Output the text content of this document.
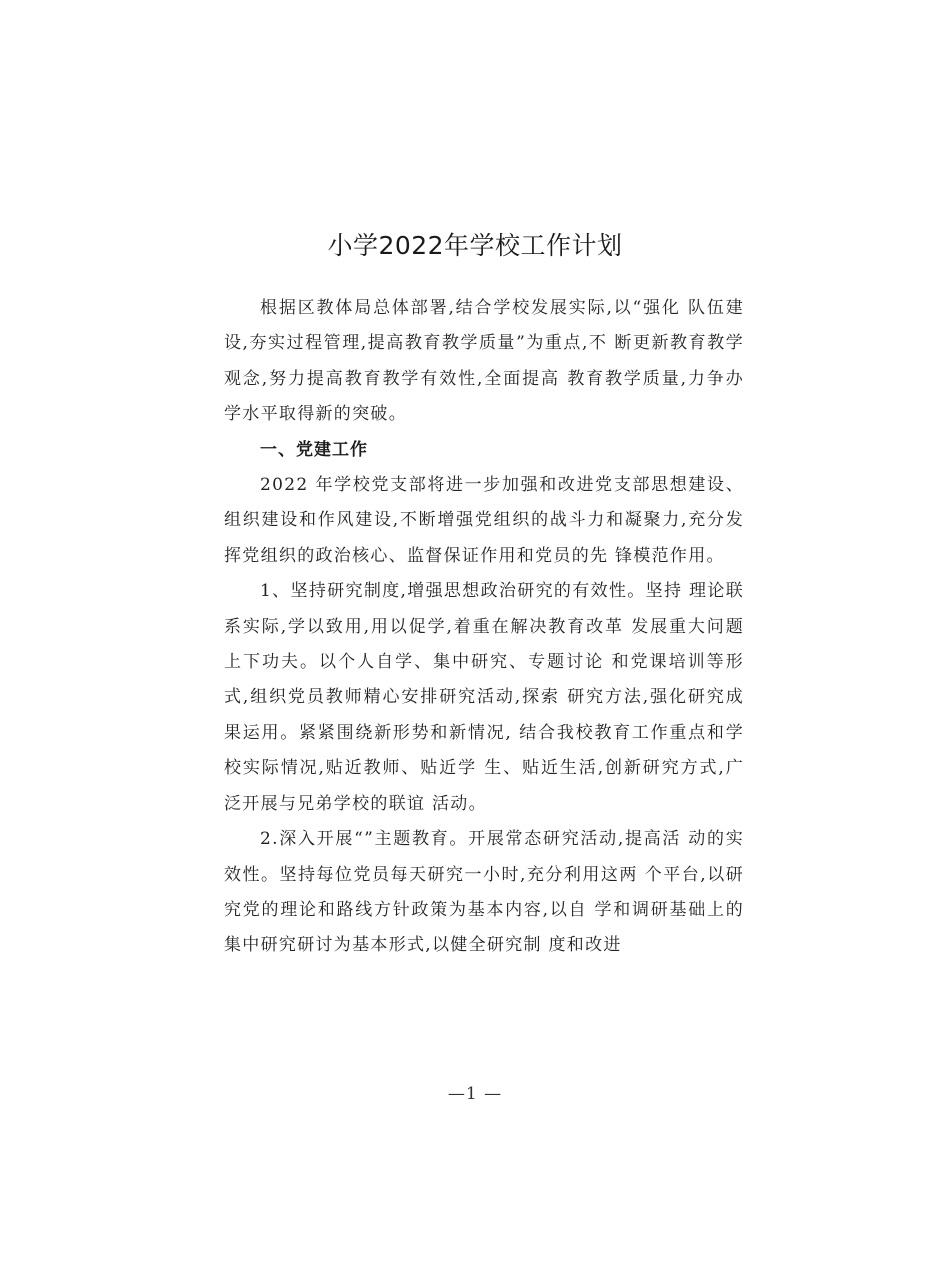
小学2022年学校工作计划

根据区教体局总体部署,结合学校发展实际,以“强化 队伍建设,夯实过程管理,提高教育教学质量”为重点,不 断更新教育教学观念,努力提高教育教学有效性,全面提高 教育教学质量,力争办学水平取得新的突破。

一、党建工作

2022 年学校党支部将进一步加强和改进党支部思想建设、组织建设和作风建设,不断增强党组织的战斗力和凝聚力,充分发挥党组织的政治核心、监督保证作用和党员的先 锋模范作用。

1、坚持研究制度,增强思想政治研究的有效性。坚持 理论联系实际,学以致用,用以促学,着重在解决教育改革 发展重大问题上下功夫。以个人自学、集中研究、专题讨论 和党课培训等形式,组织党员教师精心安排研究活动,探索 研究方法,强化研究成果运用。紧紧围绕新形势和新情况, 结合我校教育工作重点和学校实际情况,贴近教师、贴近学 生、贴近生活,创新研究方式,广泛开展与兄弟学校的联谊 活动。

2.深入开展“”主题教育。开展常态研究活动,提高活 动的实效性。坚持每位党员每天研究一小时,充分利用这两 个平台,以研究党的理论和路线方针政策为基本内容,以自 学和调研基础上的集中研究研讨为基本形式,以健全研究制 度和改进

—1 —
